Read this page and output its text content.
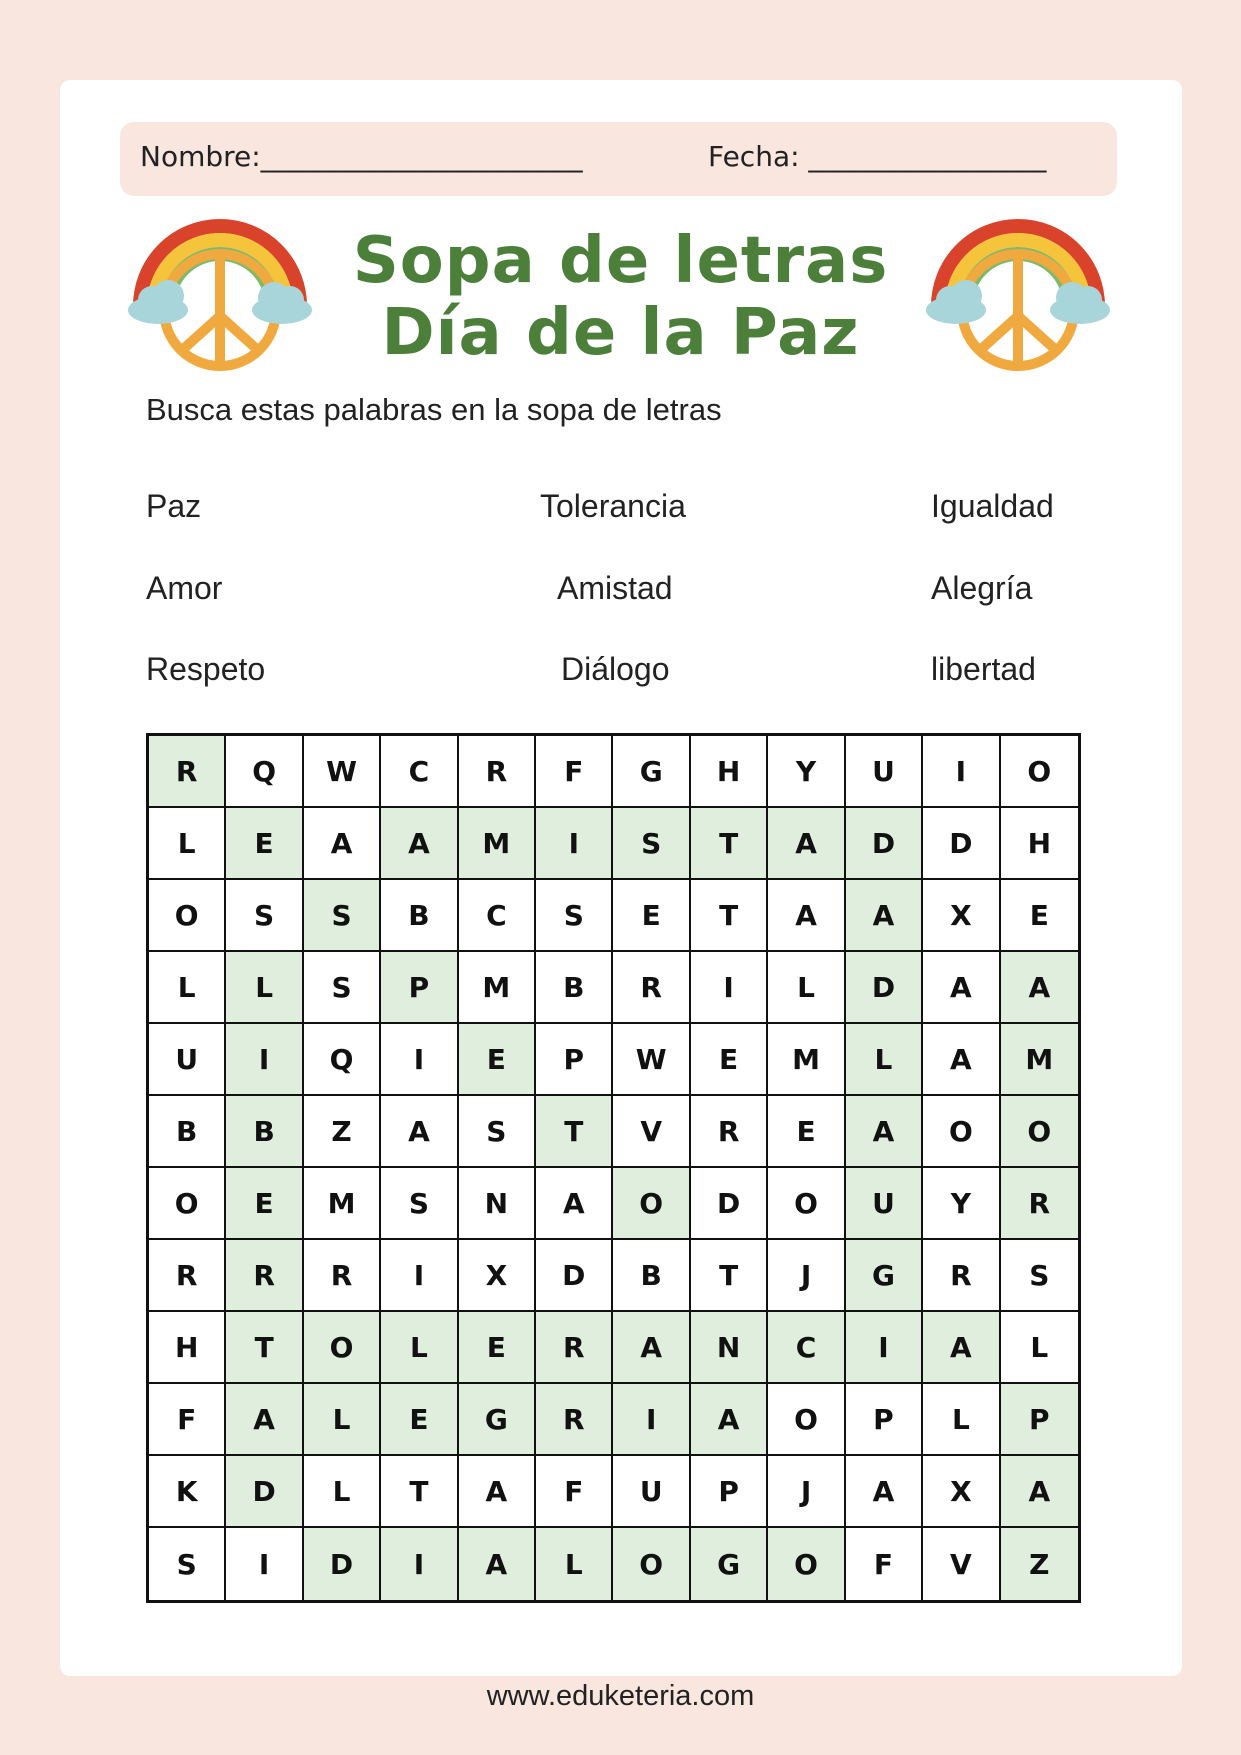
Nombre:_______________________	Fecha: _________________
Sopa de letras
Día de la Paz
Busca estas palabras en la sopa de letras
Paz	Tolerancia	Igualdad
Amor	Amistad	Alegría
Respeto	Diálogo	libertad
R	Q	W	C	R	F	G	H	Y	U	I	O
L	E	A	A	M	I	S	T	A	D	D	H
O	S	S	B	C	S	E	T	A	A	X	E
L	L	S	P	M	B	R	I	L	D	A	A
U	I	Q	I	E	P	W	E	M	L	A	M
B	B	Z	A	S	T	V	R	E	A	O	O
O	E	M	S	N	A	O	D	O	U	Y	R
R	R	R	I	X	D	B	T	J	G	R	S
H	T	O	L	E	R	A	N	C	I	A	L
F	A	L	E	G	R	I	A	O	P	L	P
K	D	L	T	A	F	U	P	J	A	X	A
S	I	D	I	A	L	O	G	O	F	V	Z
www.eduketeria.com
